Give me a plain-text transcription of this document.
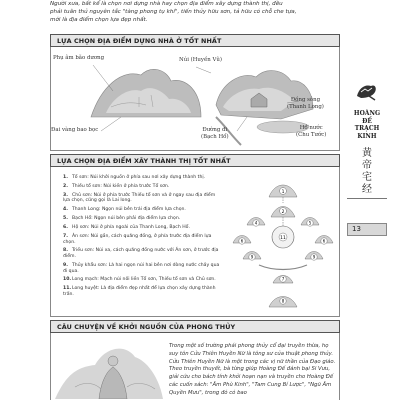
Người xưa, bất kể là chọn nơi dựng nhà hay chọn địa điểm xây dựng thành thị, đều

phải tuân thủ nguyên tắc "tàng phong tụ khí", tiến thủy hữu sơn, tả hữu có chỗ che tựa,

mới là địa điểm chọn lựa đẹp nhất.

LỰA CHỌN ĐỊA ĐIỂM DỰNG NHÀ Ở TỐT NHẤT
Phụ âm bão dương	Núi (Huyền Vũ)
Đai vàng bao bọc
Đồng sông
(Thanh Long)
Đường đi
(Bạch Hổ)
Hồ nước
(Chu Tước)
LỰA CHỌN ĐỊA ĐIỂM XÂY THÀNH THỊ TỐT NHẤT
1. Tổ sơn: Núi khởi nguồn ở phía sau nơi xây dựng thành thị.
2. Thiếu tổ sơn: Núi kiền ở phía trước Tổ sơn.
3. Chủ sơn: Núi ở phía trước Thiếu tổ sơn và ở ngay sau địa điểm lựa chọn, cũng gọi là Lai long.
4. Thanh Long: Ngọn núi bên trái địa điểm lựa chọn.
5. Bạch Hổ: Ngọn núi bên phải địa điểm lựa chọn.
6. Hộ sơn: Núi ở phía ngoài của Thanh Long, Bạch Hổ.
7. Án sơn: Núi gần, cách quãng đồng, ở phía trước địa điểm lựa chọn.
8. Triều sơn: Núi xa, cách quãng đồng nước với Án sơn, ở trước địa điểm.
9. Thủy khẩu sơn: Là hai ngọn núi hai bên nơi dòng nước chảy qua đi qua.
10.Long mạch: Mạch núi nối liền Tổ sơn, Thiếu tổ sơn và Chủ sơn.
11.Long huyệt: Là địa điểm đẹp nhất để lựa chọn xây dựng thành trấn.
1
2
11
4	5
6	6
9	9
7
8
CÂU CHUYỆN VỀ KHỞI NGUỒN CỦA PHONG THỦY

Trong một số trường phái phong thủy cổ đại truyền thừa, họ suy tôn Cửu Thiên Huyền Nữ là tông sư của thuật phong thủy. Cửu Thiên Huyền Nữ là một trong các vị nữ thần của Đạo giáo. Theo truyền thuyết, bà từng giúp Hoàng Đế đánh bại Si Vưu, giải cứu cho bách tính khỏi hoạn nạn và truyền cho Hoàng Đế các cuốn sách: "Âm Phù Kinh", "Tam Cung Bí Lược", "Ngũ Âm Quyền Mưu", trong đó có bao

HOÀNG
ĐẾ
TRẠCH
KINH
黄
帝
宅
经
13
